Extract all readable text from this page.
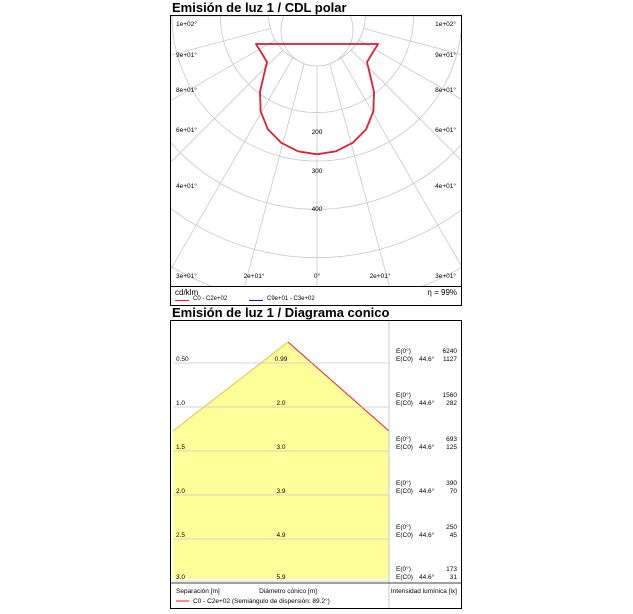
Emisión de luz 1 / CDL polar
1e+02°
9e+01°
8e+01°
6e+01°
4e+01°
3e+01°
1e+02°
9e+01°
8e+01°
6e+01°
4e+01°
3e+01°
2e+01°	2e+01°
0°
200
300
400
cd/klm	η = 99%
C0 - C2e+02	C9e+01 - C3e+02
Emisión de luz 1 / Diagrama conico
0.50	0.99
E(0°)	6240
E(C0) 44.6° 1127
1.0	2.0
E(0°)	1560
E(C0) 44.6° 282
1.5	3.0
E(0°)	693
E(C0) 44.6° 125
2.0	3.9
E(0°)	390
E(C0) 44.6° 70
2.5	4.9
E(0°)	250
E(C0) 44.6° 45
3.0	5.9
E(0°)	173
E(C0) 44.6° 31
Separación [m]	Diámetro cónico [m]	Intensidad lumínica [lx]
C0 - C2e+02 (Semiángulo de dispersión: 89.2°)
